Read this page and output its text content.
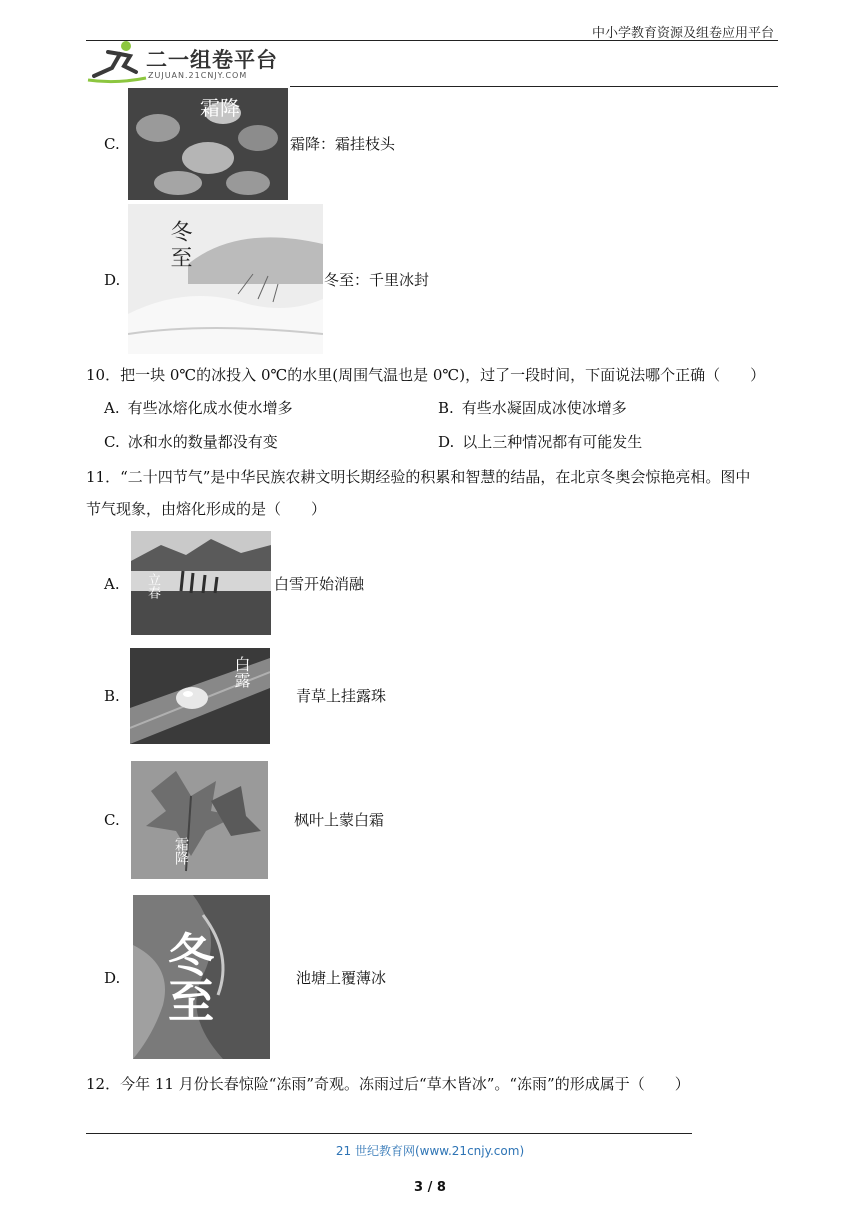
中小学教育资源及组卷应用平台
二一组卷平台
ZUJUAN.21CNJY.COM
C.
霜降
霜降：霜挂枝头
D.
冬至
冬至：千里冰封
10．把一块 0℃的冰投入 0℃的水里(周围气温也是 0℃)，过了一段时间，下面说法哪个正确（　　）
A. 有些冰熔化成水使水增多	B. 有些水凝固成冰使冰增多
C. 冰和水的数量都没有变	D. 以上三种情况都有可能发生
11．“二十四节气”是中华民族农耕文明长期经验的积累和智慧的结晶，在北京冬奥会惊艳亮相。图中
节气现象，由熔化形成的是（　　）
A. 立春	白雪开始消融
B.
白露
青草上挂露珠
C.
霜降
枫叶上蒙白霜
D. 冬至	池塘上覆薄冰
12．今年 11 月份长春惊险“冻雨”奇观。冻雨过后“草木皆冰”。“冻雨”的形成属于（　　）
21 世纪教育网(www.21cnjy.com)
3 / 8
